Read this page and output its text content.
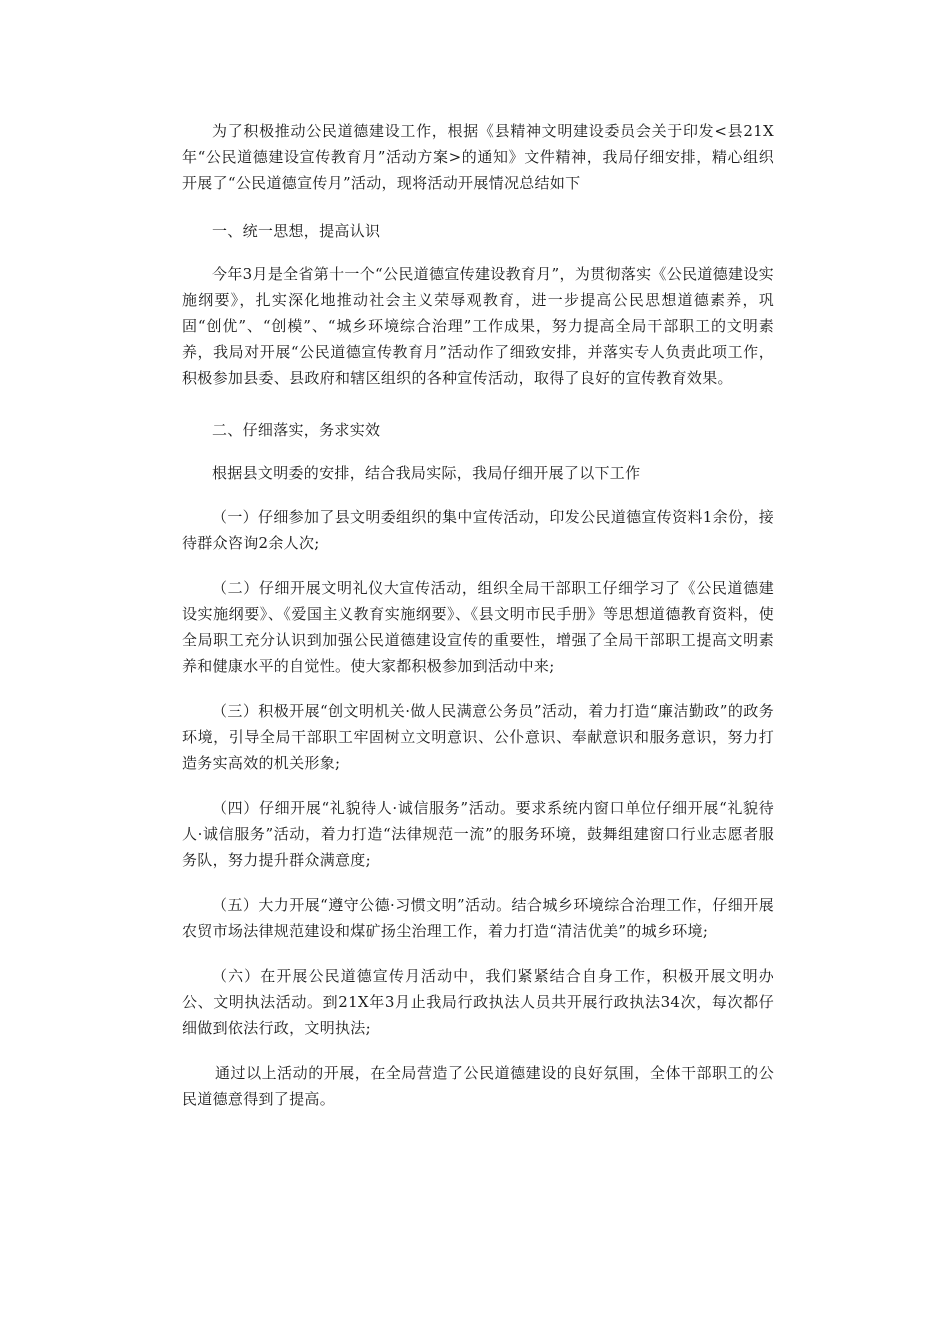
为了积极推动公民道德建设工作，根据《县精神文明建设委员会关于印发<县21X年“公民道德建设宣传教育月”活动方案>的通知》文件精神，我局仔细安排，精心组织开展了“公民道德宣传月”活动，现将活动开展情况总结如下

一、统一思想，提高认识

今年3月是全省第十一个“公民道德宣传建设教育月”，为贯彻落实《公民道德建设实施纲要》，扎实深化地推动社会主义荣辱观教育，进一步提高公民思想道德素养，巩固“创优”、“创模”、“城乡环境综合治理”工作成果，努力提高全局干部职工的文明素养，我局对开展“公民道德宣传教育月”活动作了细致安排，并落实专人负责此项工作，积极参加县委、县政府和辖区组织的各种宣传活动，取得了良好的宣传教育效果。

二、仔细落实，务求实效

根据县文明委的安排，结合我局实际，我局仔细开展了以下工作

（一）仔细参加了县文明委组织的集中宣传活动，印发公民道德宣传资料1余份，接待群众咨询2余人次;

（二）仔细开展文明礼仪大宣传活动，组织全局干部职工仔细学习了《公民道德建设实施纲要》、《爱国主义教育实施纲要》、《县文明市民手册》等思想道德教育资料，使全局职工充分认识到加强公民道德建设宣传的重要性，增强了全局干部职工提高文明素养和健康水平的自觉性。使大家都积极参加到活动中来;

（三）积极开展“创文明机关·做人民满意公务员”活动，着力打造“廉洁勤政”的政务环境，引导全局干部职工牢固树立文明意识、公仆意识、奉献意识和服务意识，努力打造务实高效的机关形象;

（四）仔细开展“礼貌待人·诚信服务”活动。要求系统内窗口单位仔细开展“礼貌待人·诚信服务”活动，着力打造“法律规范一流”的服务环境，鼓舞组建窗口行业志愿者服务队，努力提升群众满意度;

（五）大力开展“遵守公德·习惯文明”活动。结合城乡环境综合治理工作，仔细开展农贸市场法律规范建设和煤矿扬尘治理工作，着力打造“清洁优美”的城乡环境;

（六）在开展公民道德宣传月活动中，我们紧紧结合自身工作，积极开展文明办公、文明执法活动。到21X年3月止我局行政执法人员共开展行政执法34次，每次都仔细做到依法行政，文明执法;

通过以上活动的开展，在全局营造了公民道德建设的良好氛围，全体干部职工的公民道德意得到了提高。
